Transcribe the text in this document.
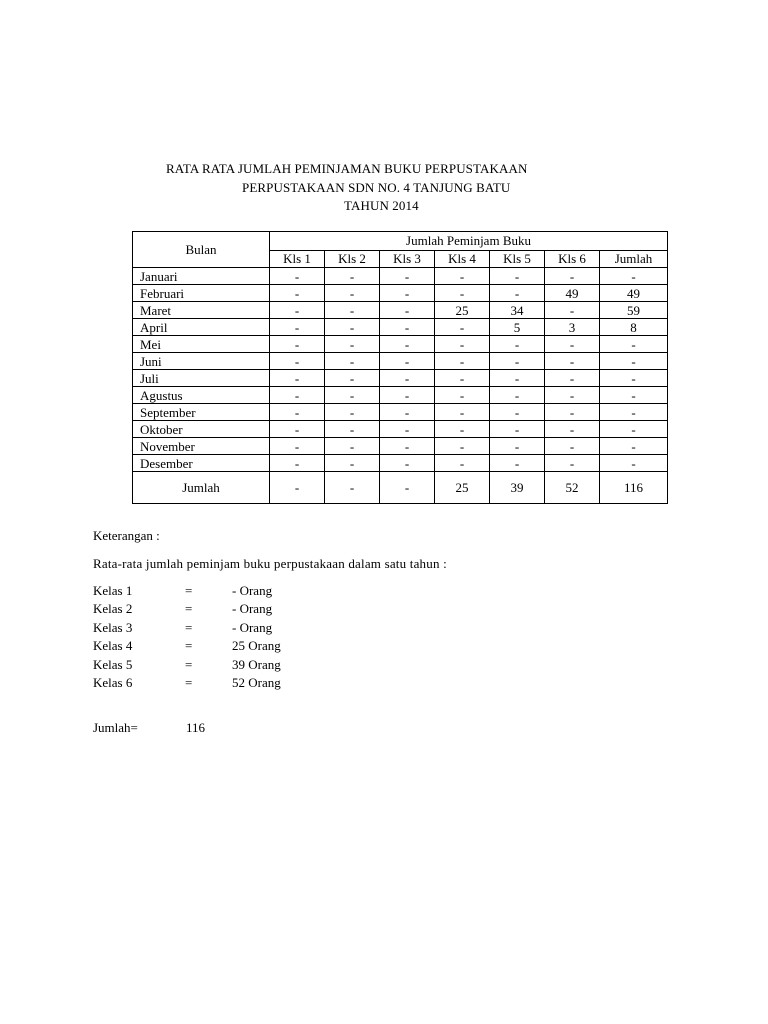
RATA RATA JUMLAH PEMINJAMAN BUKU PERPUSTAKAAN
PERPUSTAKAAN SDN NO. 4 TANJUNG BATU
TAHUN 2014
Bulan	Jumlah Peminjam Buku						
	Kls 1	Kls 2	Kls 3	Kls 4	Kls 5	Kls 6	Jumlah
Januari	-	-	-	-	-	-	-
Februari	-	-	-	-	-	49	49
Maret	-	-	-	25	34	-	59
April	-	-	-	-	5	3	8
Mei	-	-	-	-	-	-	-
Juni	-	-	-	-	-	-	-
Juli	-	-	-	-	-	-	-
Agustus	-	-	-	-	-	-	-
September	-	-	-	-	-	-	-
Oktober	-	-	-	-	-	-	-
November	-	-	-	-	-	-	-
Desember	-	-	-	-	-	-	-
Jumlah	-	-	-	25	39	52	116
Keterangan :
Rata-rata jumlah peminjam buku perpustakaan dalam satu tahun :
Kelas 1	=	- Orang
Kelas 2	=	- Orang
Kelas 3	=	- Orang
Kelas 4	=	25 Orang
Kelas 5	=	39 Orang
Kelas 6	=	52 Orang
Jumlah=	116
